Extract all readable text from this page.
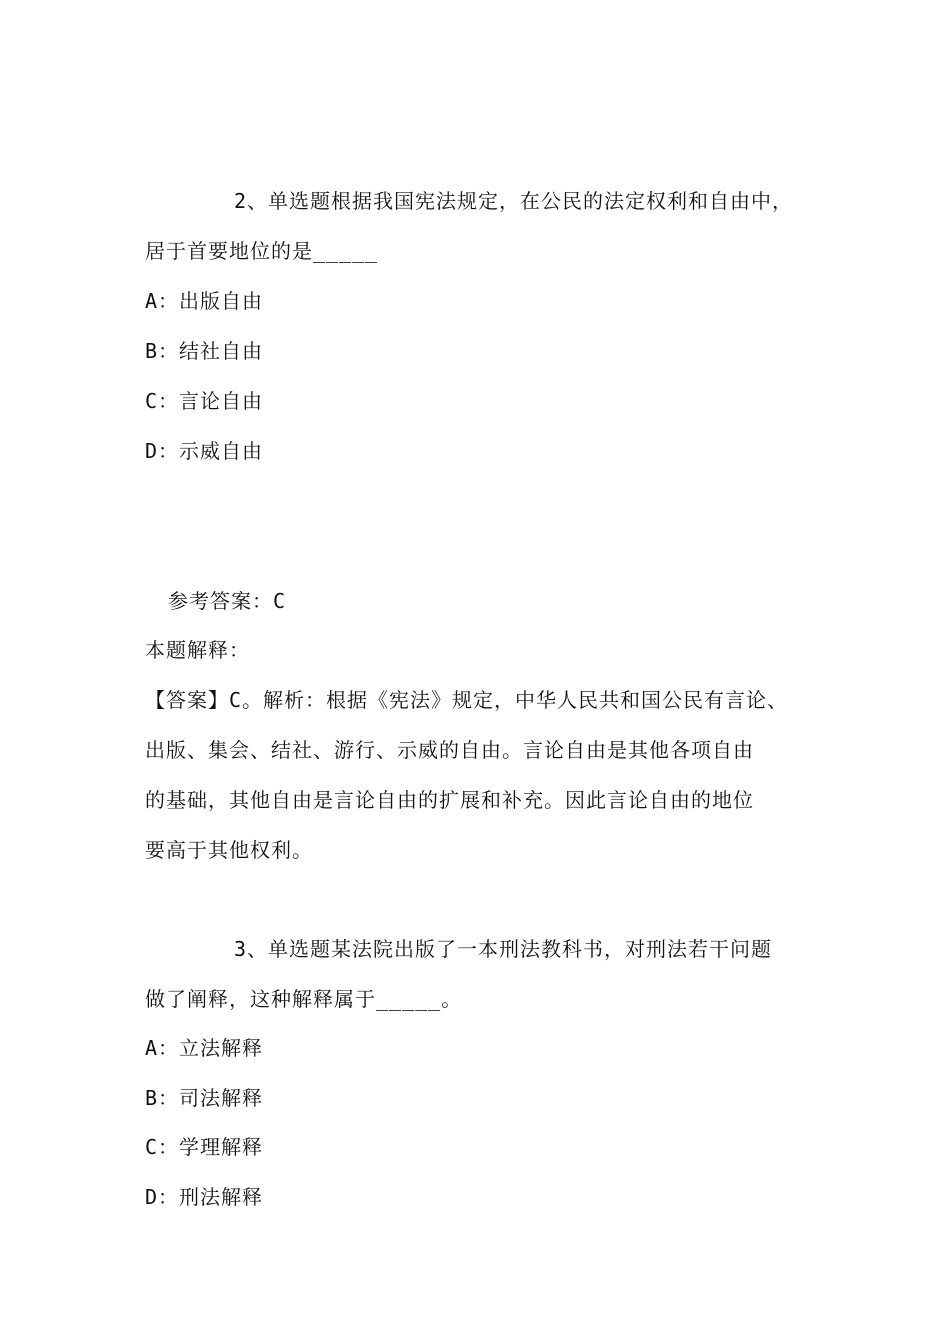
2、单选题根据我国宪法规定，在公民的法定权利和自由中，
居于首要地位的是_____
A：出版自由
B：结社自由
C：言论自由
D：示威自由
参考答案：C
本题解释：
【答案】C。解析：根据《宪法》规定，中华人民共和国公民有言论、
出版、集会、结社、游行、示威的自由。言论自由是其他各项自由
的基础，其他自由是言论自由的扩展和补充。因此言论自由的地位
要高于其他权利。
3、单选题某法院出版了一本刑法教科书，对刑法若干问题
做了阐释，这种解释属于_____。
A：立法解释
B：司法解释
C：学理解释
D：刑法解释
